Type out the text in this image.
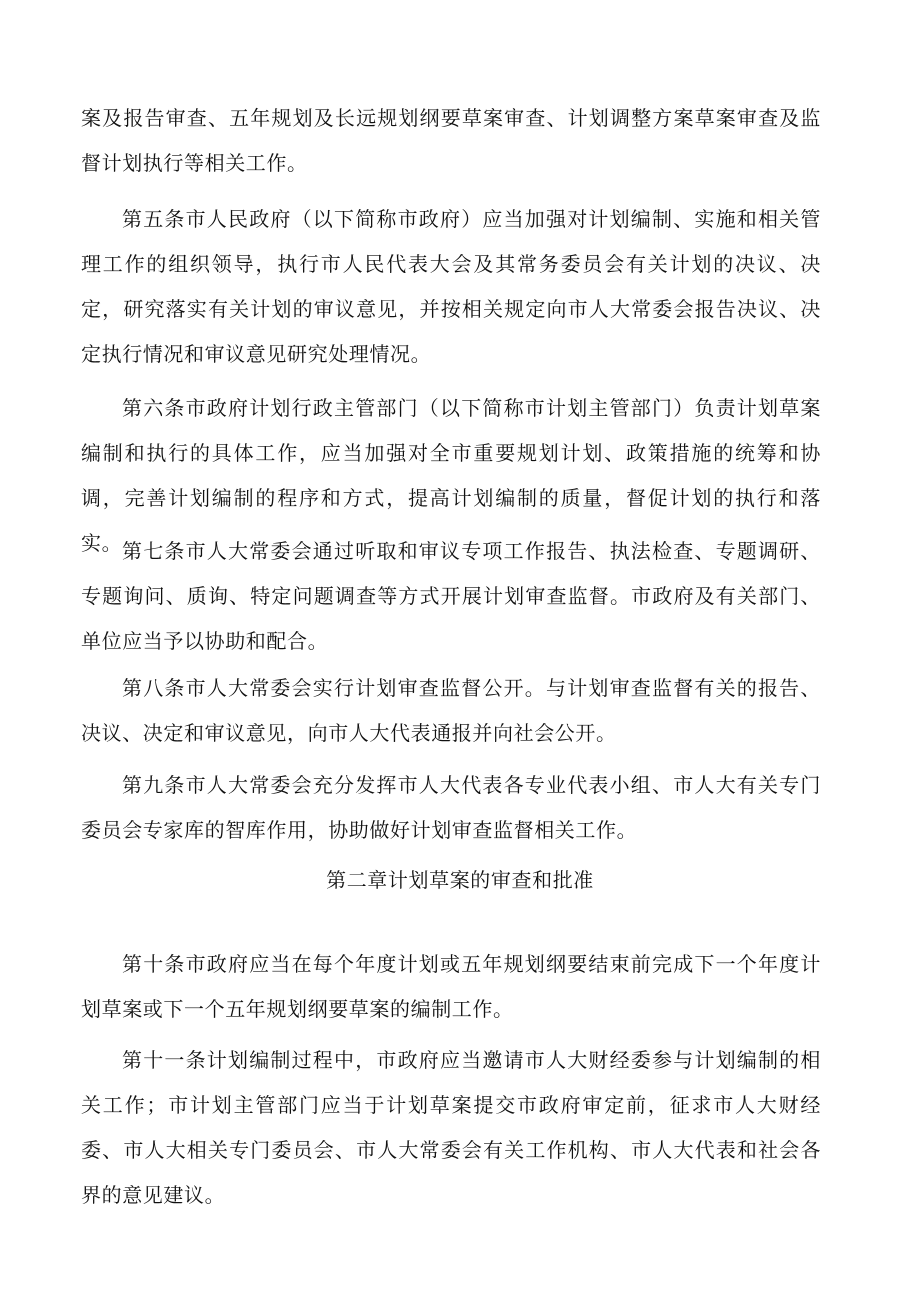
案及报告审查、五年规划及长远规划纲要草案审查、计划调整方案草案审查及监督计划执行等相关工作。

第五条市人民政府（以下简称市政府）应当加强对计划编制、实施和相关管理工作的组织领导，执行市人民代表大会及其常务委员会有关计划的决议、决定，研究落实有关计划的审议意见，并按相关规定向市人大常委会报告决议、决定执行情况和审议意见研究处理情况。

第六条市政府计划行政主管部门（以下简称市计划主管部门）负责计划草案编制和执行的具体工作，应当加强对全市重要规划计划、政策措施的统筹和协调，完善计划编制的程序和方式，提高计划编制的质量，督促计划的执行和落实。 第七条市人大常委会通过听取和审议专项工作报告、执法检查、专题调研、专题询问、质询、特定问题调查等方式开展计划审查监督。市政府及有关部门、单位应当予以协助和配合。

第八条市人大常委会实行计划审查监督公开。与计划审查监督有关的报告、决议、决定和审议意见，向市人大代表通报并向社会公开。

第九条市人大常委会充分发挥市人大代表各专业代表小组、市人大有关专门委员会专家库的智库作用，协助做好计划审查监督相关工作。

第二章计划草案的审查和批准

第十条市政府应当在每个年度计划或五年规划纲要结束前完成下一个年度计划草案或下一个五年规划纲要草案的编制工作。

第十一条计划编制过程中，市政府应当邀请市人大财经委参与计划编制的相关工作；市计划主管部门应当于计划草案提交市政府审定前，征求市人大财经委、市人大相关专门委员会、市人大常委会有关工作机构、市人大代表和社会各界的意见建议。
